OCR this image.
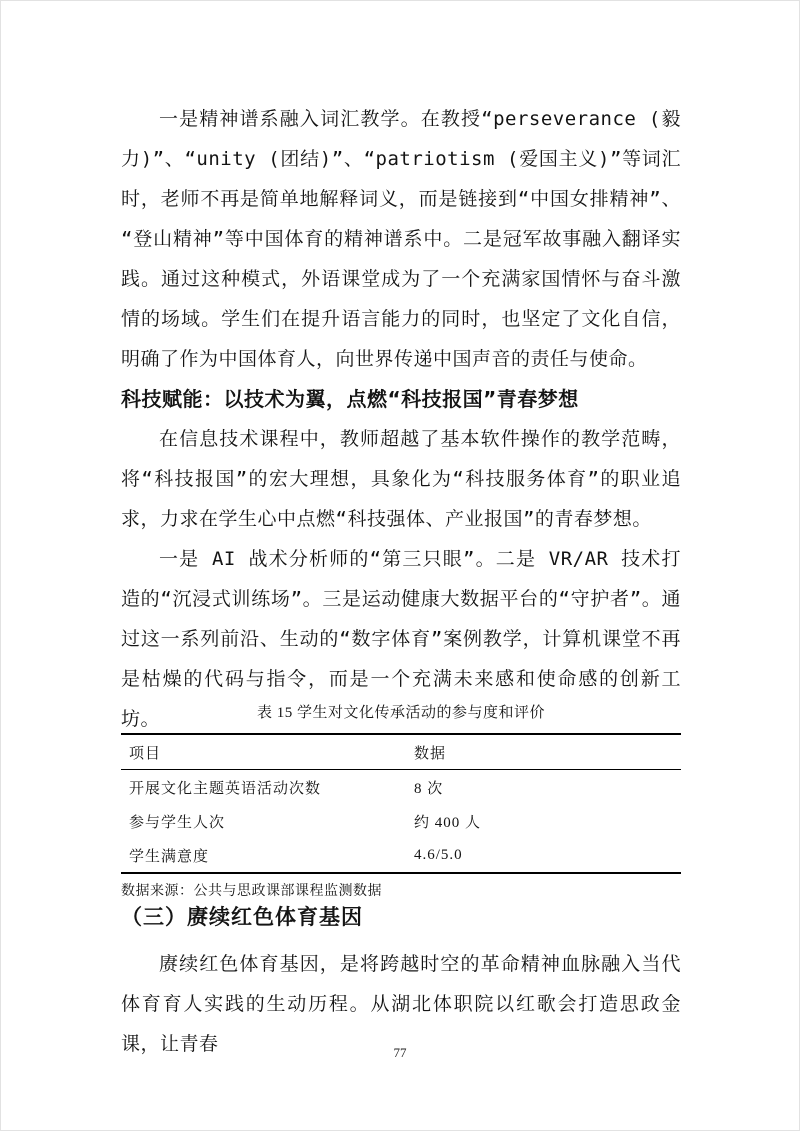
一是精神谱系融入词汇教学。在教授“perseverance (毅力)”、“unity (团结)”、“patriotism (爱国主义)”等词汇时，老师不再是简单地解释词义，而是链接到“中国女排精神”、“登山精神”等中国体育的精神谱系中。二是冠军故事融入翻译实践。通过这种模式，外语课堂成为了一个充满家国情怀与奋斗激情的场域。学生们在提升语言能力的同时，也坚定了文化自信，明确了作为中国体育人，向世界传递中国声音的责任与使命。

科技赋能：以技术为翼，点燃“科技报国”青春梦想

在信息技术课程中，教师超越了基本软件操作的教学范畴，将“科技报国”的宏大理想，具象化为“科技服务体育”的职业追求，力求在学生心中点燃“科技强体、产业报国”的青春梦想。

一是 AI 战术分析师的“第三只眼”。二是 VR/AR 技术打造的“沉浸式训练场”。三是运动健康大数据平台的“守护者”。通过这一系列前沿、生动的“数字体育”案例教学，计算机课堂不再是枯燥的代码与指令，而是一个充满未来感和使命感的创新工坊。	表 15 学生对文化传承活动的参与度和评价

项目	数据
开展文化主题英语活动次数	8 次
参与学生人次	约 400 人
学生满意度	4.6/5.0

数据来源：公共与思政课部课程监测数据

（三）赓续红色体育基因

赓续红色体育基因，是将跨越时空的革命精神血脉融入当代体育育人实践的生动历程。从湖北体职院以红歌会打造思政金课，让青春	77
